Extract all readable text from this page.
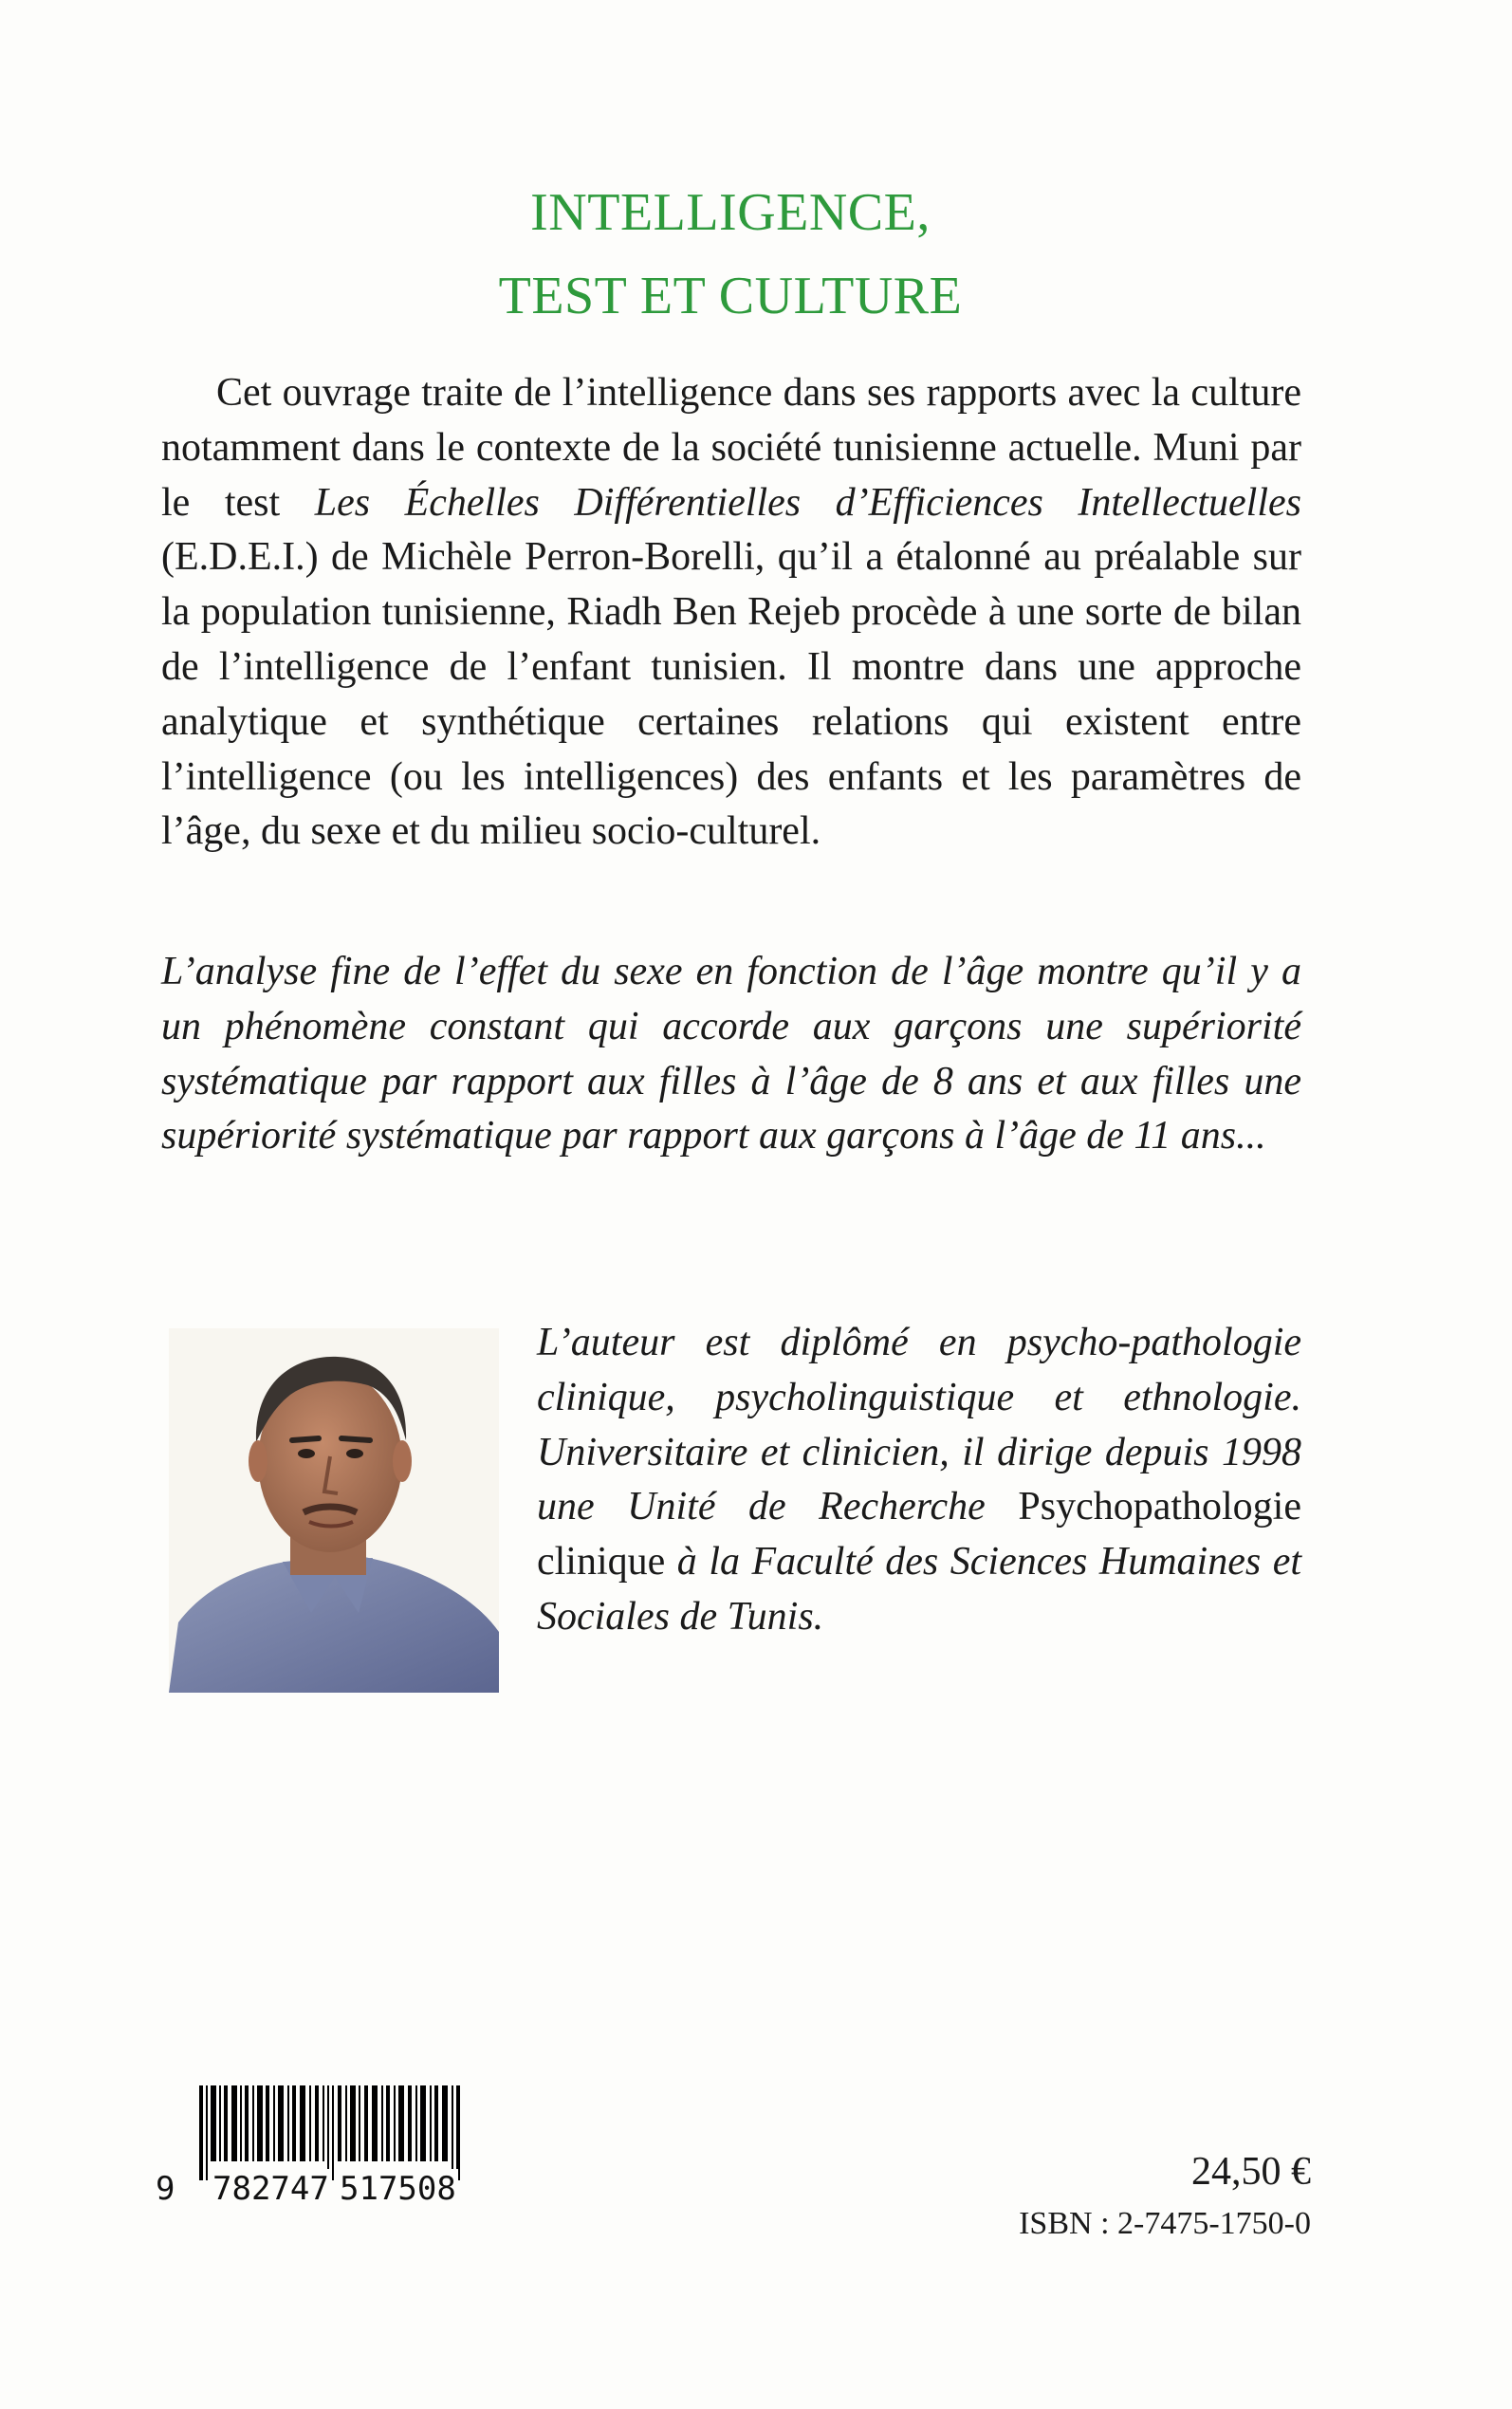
INTELLIGENCE,
TEST ET CULTURE

Cet ouvrage traite de l’intelligence dans ses rapports avec la culture notamment dans le contexte de la société tunisienne actuelle. Muni par le test Les Échelles Différentielles d’Efficiences Intellectuelles (E.D.E.I.) de Michèle Perron-Borelli, qu’il a étalonné au préalable sur la population tunisienne, Riadh Ben Rejeb procède à une sorte de bilan de l’intelligence de l’enfant tunisien. Il montre dans une approche analytique et synthétique certaines relations qui existent entre l’intelligence (ou les intelligences) des enfants et les paramètres de l’âge, du sexe et du milieu socio-culturel.

L’analyse fine de l’effet du sexe en fonction de l’âge montre qu’il y a un phénomène constant qui accorde aux garçons une supériorité systématique par rapport aux filles à l’âge de 8 ans et aux filles une supériorité systématique par rapport aux garçons à l’âge de 11 ans...

L’auteur est diplômé en psycho-pathologie clinique, psycholinguistique et ethnologie. Universitaire et clinicien, il dirige depuis 1998 une Unité de Recherche Psychopathologie clinique à la Faculté des Sciences Humaines et Sociales de Tunis.

9 782747 517508	24,50 €
ISBN : 2-7475-1750-0
